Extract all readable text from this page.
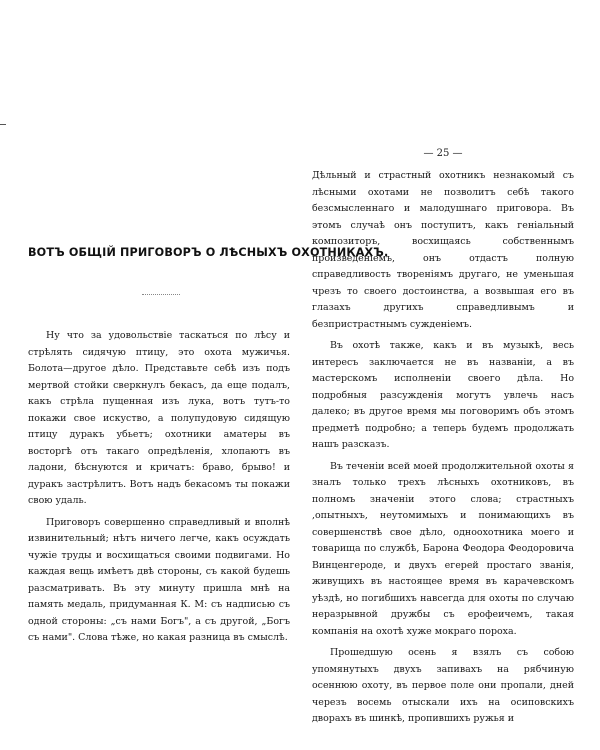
ВОТЪ ОБЩІЙ ПРИГОВОРЪ О ЛѢСНЫХЪ ОХОТНИКАХЪ.

Ну что за удовольствіе таскаться по лѣсу и стрѣлять сидячую птицу, это охота мужичья. Болота—другое дѣло. Представьте себѣ изъ подъ мертвой стойки сверкнулъ бекасъ, да еще подалъ, какъ стрѣла пущенная изъ лука, вотъ тутъ-то покажи свое искуство, а полупудовую сидящую птицу дуракъ убьетъ; охотники аматеры въ восторгѣ отъ такаго опредѣленія, хлопаютъ въ ладони, бѣснуются и кричатъ: браво, брыво! и дуракъ застрѣлитъ. Вотъ надъ бекасомъ ты покажи свою удаль.

Приговоръ совершенно справедливый и вполнѣ извинительный; нѣтъ ничего легче, какъ осуждать чужіе труды и восхищаться своими подвигами. Но каждая вещь имѣетъ двѣ стороны, съ какой будешь разсматривать. Въ эту минуту пришла мнѣ на память медаль, придуманная К. М: съ надписью съ одной стороны: „съ нами Богъ", а съ другой, „Богъ съ нами". Слова тѣже, но какая разница въ смыслѣ.

— 25 —

Дѣльный и страстный охотникъ незнакомый съ лѣсными охотами не позволитъ себѣ такого безсмысленнаго и малодушнаго приговора. Въ этомъ случаѣ онъ поступитъ, какъ геніальный композиторъ, восхищаясь собственнымъ произведеніемъ, онъ отдастъ полную справедливость твореніямъ другаго, не уменьшая чрезъ то своего достоинства, а возвышая его въ глазахъ другихъ справедливымъ и безпристрастнымъ сужденіемъ.

Въ охотѣ также, какъ и въ музыкѣ, весь интересъ заключается не въ названіи, а въ мастерскомъ исполненіи своего дѣла. Но подробныя разсужденія могутъ увлечь насъ далеко; въ другое время мы поговоримъ объ этомъ предметѣ подробно; а теперь будемъ продолжать нашъ разсказъ.

Въ теченіи всей моей продолжительной охоты я зналъ только трехъ лѣсныхъ охотниковъ, въ полномъ значеніи этого слова; страстныхъ ,опытныхъ, неутомимыхъ и понимающихъ въ совершенствѣ свое дѣло, одноохотника моего и товарища по службѣ, Барона Феодора Феодоровича Винценгероде, и двухъ егерей простаго званія, живущихъ въ настоящее время въ карачевскомъ уѣздѣ, но погибшихъ навсегда для охоты по случаю неразрывной дружбы съ ерофеичемъ, такая компанія на охотѣ хуже мокраго пороха.

Прошедшую осень я взялъ съ собою упомянутыхъ двухъ запивахъ на рябчиную осеннюю охоту, въ первое поле они пропали, дней черезъ восемь отыскали ихъ на осиповскихъ дворахъ въ шинкѣ, пропившихъ ружья и
